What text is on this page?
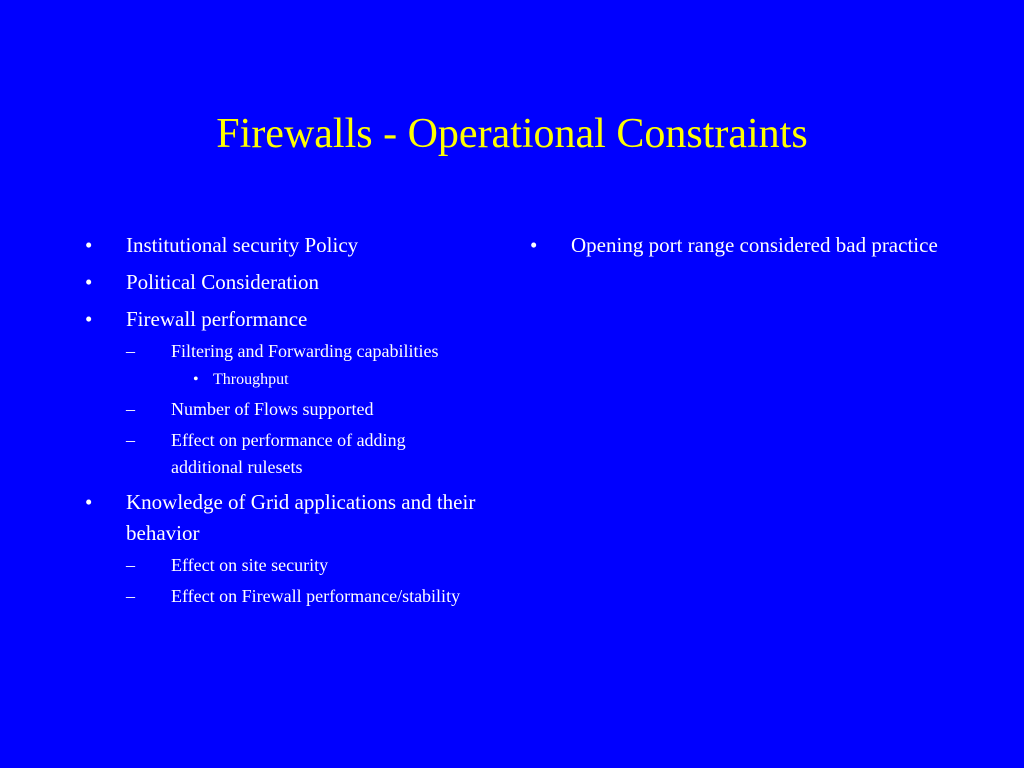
Firewalls - Operational Constraints
• Institutional security Policy
• Political Consideration
• Firewall performance
– Filtering and Forwarding capabilities
• Throughput
– Number of Flows supported
– Effect on performance of adding additional rulesets
• Knowledge of Grid applications and their behavior
– Effect on site security
– Effect on Firewall performance/stability
• Opening port range considered bad practice
